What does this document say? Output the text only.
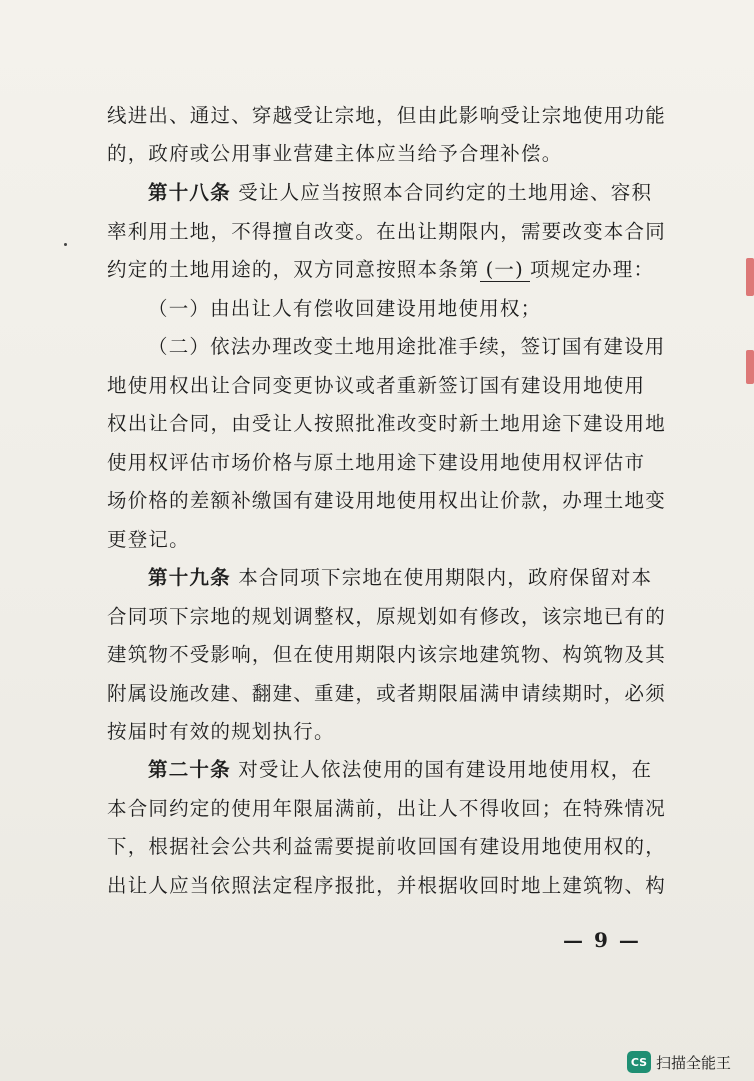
线进出、通过、穿越受让宗地，但由此影响受让宗地使用功能
的，政府或公用事业营建主体应当给予合理补偿。
第十八条 受让人应当按照本合同约定的土地用途、容积
率利用土地，不得擅自改变。在出让期限内，需要改变本合同
约定的土地用途的，双方同意按照本条第 (一) 项规定办理：
（一）由出让人有偿收回建设用地使用权；
（二）依法办理改变土地用途批准手续，签订国有建设用
地使用权出让合同变更协议或者重新签订国有建设用地使用
权出让合同，由受让人按照批准改变时新土地用途下建设用地
使用权评估市场价格与原土地用途下建设用地使用权评估市
场价格的差额补缴国有建设用地使用权出让价款，办理土地变
更登记。
第十九条 本合同项下宗地在使用期限内，政府保留对本
合同项下宗地的规划调整权，原规划如有修改，该宗地已有的
建筑物不受影响，但在使用期限内该宗地建筑物、构筑物及其
附属设施改建、翻建、重建，或者期限届满申请续期时，必须
按届时有效的规划执行。
第二十条 对受让人依法使用的国有建设用地使用权，在
本合同约定的使用年限届满前，出让人不得收回；在特殊情况
下，根据社会公共利益需要提前收回国有建设用地使用权的，
出让人应当依照法定程序报批，并根据收回时地上建筑物、构
— 9 —
CS 扫描全能王
